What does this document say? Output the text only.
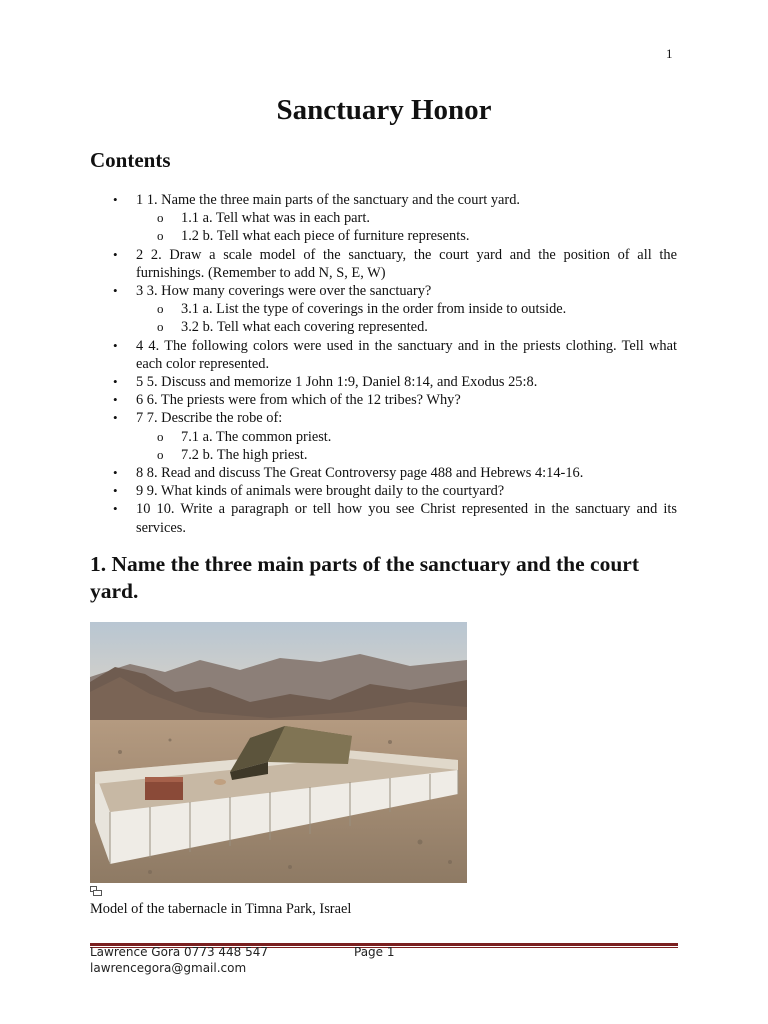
1
Sanctuary Honor
Contents
• 1 1. Name the three main parts of the sanctuary and the court yard.
o 1.1 a. Tell what was in each part.
o 1.2 b. Tell what each piece of furniture represents.
• 2 2. Draw a scale model of the sanctuary, the court yard and the position of all the furnishings. (Remember to add N, S, E, W)
• 3 3. How many coverings were over the sanctuary?
o 3.1 a. List the type of coverings in the order from inside to outside.
o 3.2 b. Tell what each covering represented.
• 4 4. The following colors were used in the sanctuary and in the priests clothing. Tell what each color represented.
• 5 5. Discuss and memorize 1 John 1:9, Daniel 8:14, and Exodus 25:8.
• 6 6. The priests were from which of the 12 tribes? Why?
• 7 7. Describe the robe of:
o 7.1 a. The common priest.
o 7.2 b. The high priest.
• 8 8. Read and discuss The Great Controversy page 488 and Hebrews 4:14-16.
• 9 9. What kinds of animals were brought daily to the courtyard?
• 10 10. Write a paragraph or tell how you see Christ represented in the sanctuary and its services.
1. Name the three main parts of the sanctuary and the court yard.
Model of the tabernacle in Timna Park, Israel
Lawrence Gora 0773 448 547
lawrencegora@gmail.com
Page 1
